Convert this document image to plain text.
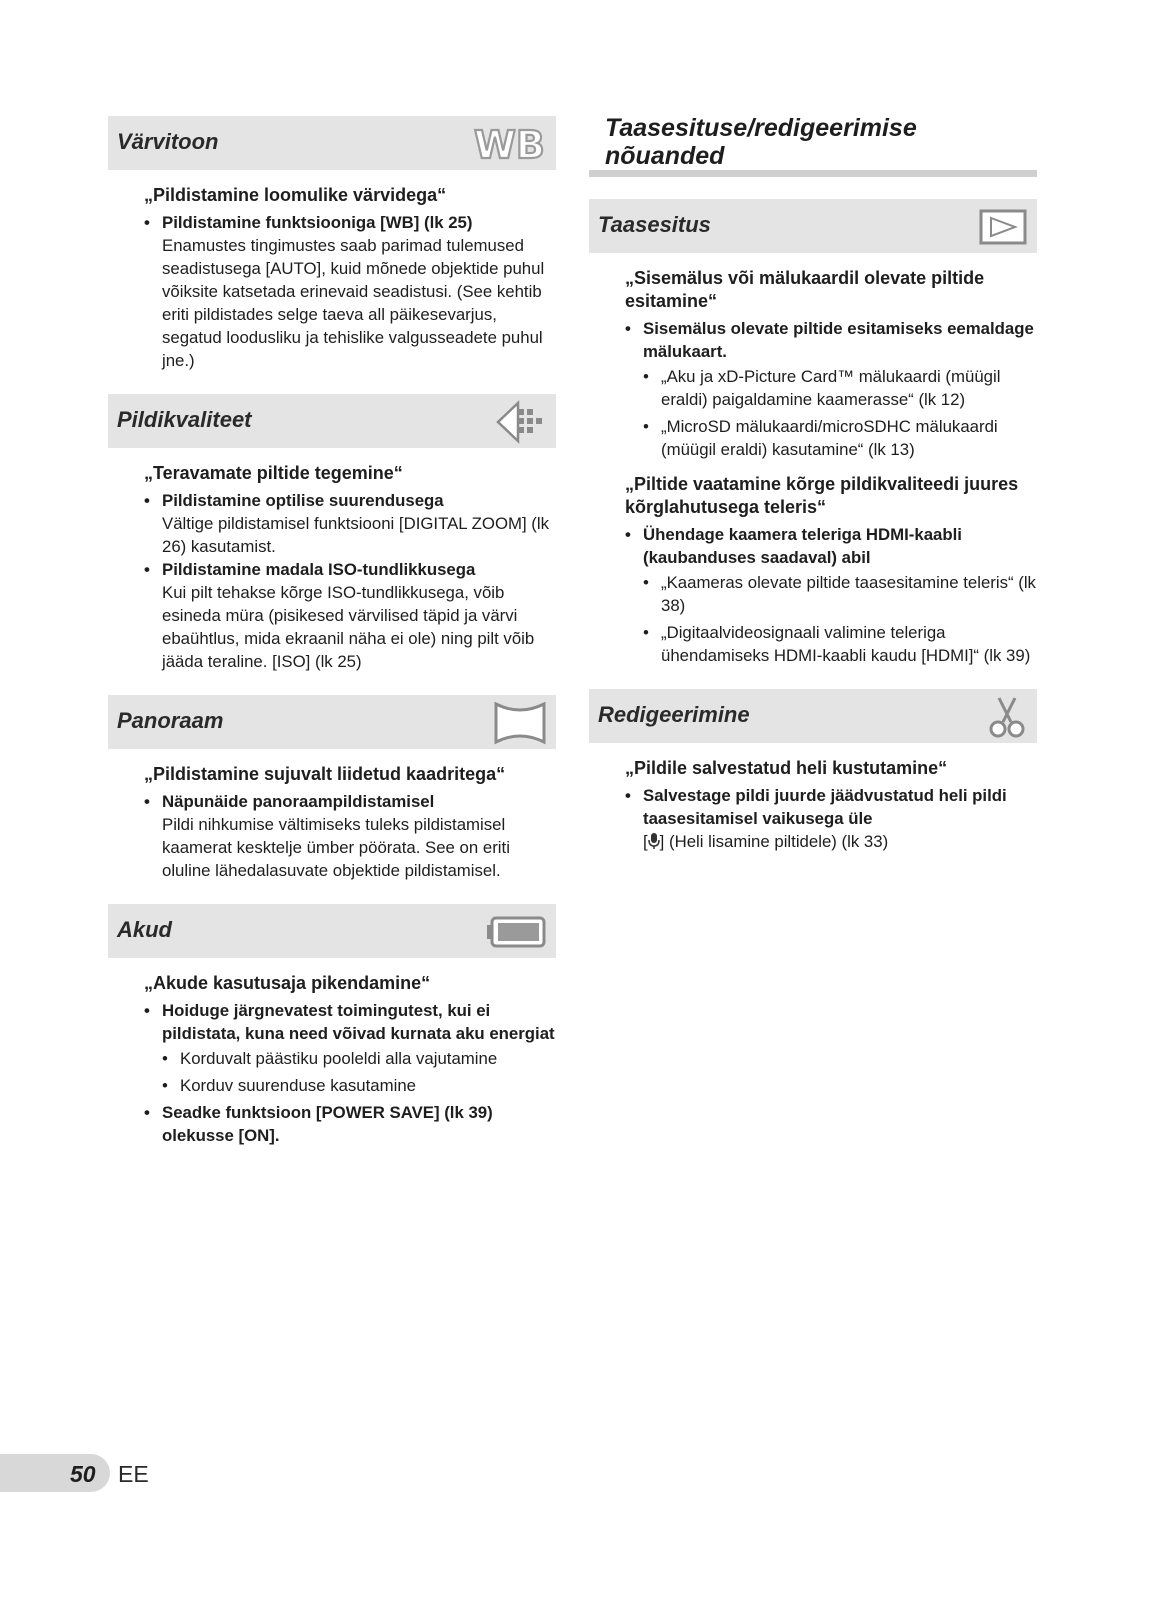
Värvitoon	WB
„Pildistamine loomulike värvidega“
• Pildistamine funktsiooniga [WB] (lk 25)
Enamustes tingimustes saab parimad tulemused seadistusega [AUTO], kuid mõnede objektide puhul võiksite katsetada erinevaid seadistusi. (See kehtib eriti pildistades selge taeva all päikesevarjus, segatud loodusliku ja tehislike valgusseadete puhul jne.)
Pildikvaliteet
„Teravamate piltide tegemine“
• Pildistamine optilise suurendusega
Vältige pildistamisel funktsiooni [DIGITAL ZOOM] (lk 26) kasutamist.
• Pildistamine madala ISO-tundlikkusega
Kui pilt tehakse kõrge ISO-tundlikkusega, võib esineda müra (pisikesed värvilised täpid ja värvi ebaühtlus, mida ekraanil näha ei ole) ning pilt võib jääda teraline. [ISO] (lk 25)
Panoraam
„Pildistamine sujuvalt liidetud kaadritega“
• Näpunäide panoraampildistamisel
Pildi nihkumise vältimiseks tuleks pildistamisel kaamerat kesktelje ümber pöörata. See on eriti oluline lähedalasuvate objektide pildistamisel.
Akud
„Akude kasutusaja pikendamine“
• Hoiduge järgnevatest toimingutest, kui ei pildistata, kuna need võivad kurnata aku energiat
• Korduvalt päästiku pooleldi alla vajutamine
• Korduv suurenduse kasutamine
• Seadke funktsioon [POWER SAVE] (lk 39) olekusse [ON].
Taasesituse/redigeerimise
nõuanded
Taasesitus
„Sisemälus või mälukaardil olevate piltide esitamine“
• Sisemälus olevate piltide esitamiseks eemaldage mälukaart.
• „Aku ja xD-Picture Card™ mälukaardi (müügil eraldi) paigaldamine kaamerasse“ (lk 12)
• „MicroSD mälukaardi/microSDHC mälukaardi (müügil eraldi) kasutamine“ (lk 13)
„Piltide vaatamine kõrge pildikvaliteedi juures kõrglahutusega teleris“
• Ühendage kaamera teleriga HDMI-kaabli (kaubanduses saadaval) abil
• „Kaameras olevate piltide taasesitamine teleris“ (lk 38)
• „Digitaalvideosignaali valimine teleriga ühendamiseks HDMI-kaabli kaudu [HDMI]“ (lk 39)
Redigeerimine
„Pildile salvestatud heli kustutamine“
• Salvestage pildi juurde jäädvustatud heli pildi taasesitamisel vaikusega üle
[ ] (Heli lisamine piltidele) (lk 33)
50 EE
